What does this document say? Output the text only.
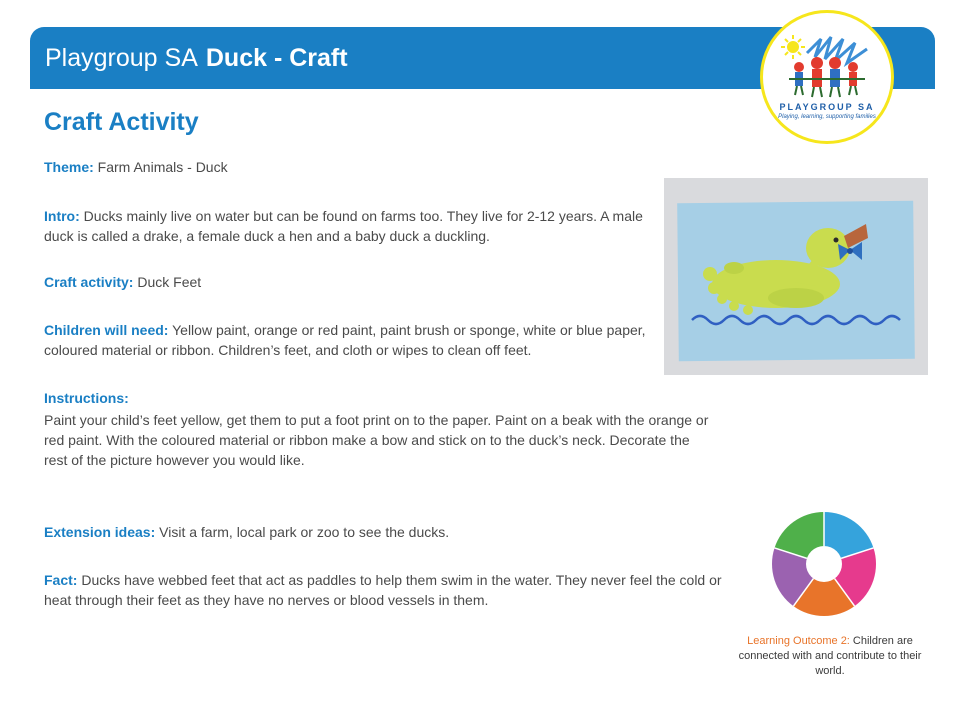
Playgroup SA Duck - Craft
PLAYGROUP SA
Playing, learning, supporting families
Craft Activity
Theme: Farm Animals - Duck
Intro: Ducks mainly live on water but can be found on farms too. They live for 2-12 years. A male duck is called a drake, a female duck a hen and a baby duck a duckling.
Craft activity: Duck Feet
Children will need: Yellow paint, orange or red paint, paint brush or sponge, white or blue paper, coloured material or ribbon. Children’s feet, and cloth or wipes to clean off feet.
Instructions:
Paint your child’s feet yellow, get them to put a foot print on to the paper. Paint on a beak with the orange or red paint. With the coloured material or ribbon make a bow and stick on to the duck’s neck. Decorate the rest of the picture however you would like.
Extension ideas: Visit a farm, local park or zoo to see the ducks.
Fact: Ducks have webbed feet that act as paddles to help them swim in the water. They never feel the cold or heat through their feet as they have no nerves or blood vessels in them.
Learning Outcome 2: Children are connected with and contribute to their world.
